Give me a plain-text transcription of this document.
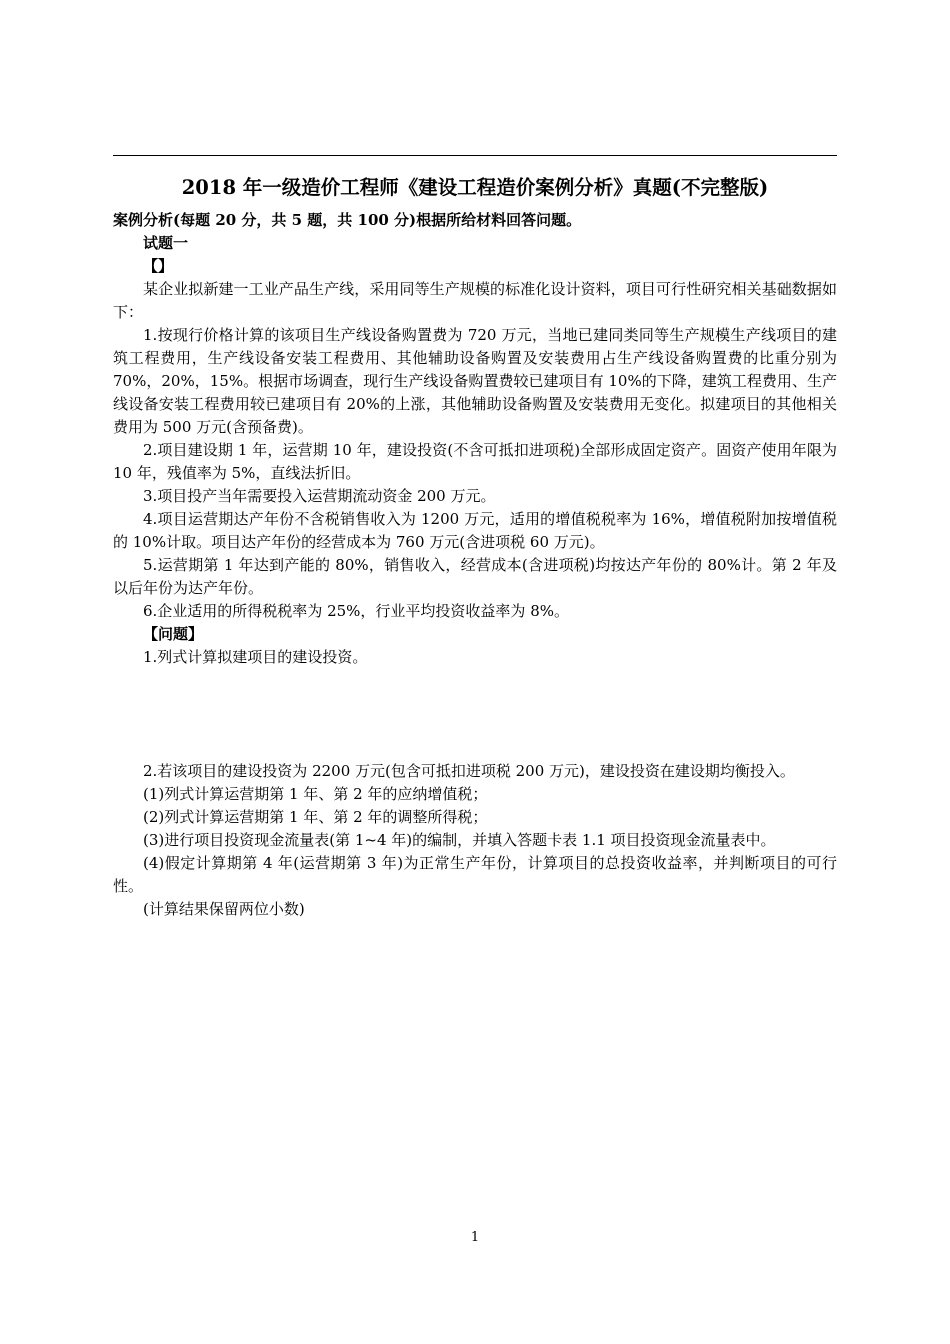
2018 年一级造价工程师《建设工程造价案例分析》真题(不完整版)

案例分析(每题 20 分，共 5 题，共 100 分)根据所给材料回答问题。

试题一

【】

某企业拟新建一工业产品生产线，采用同等生产规模的标准化设计资料，项目可行性研究相关基础数据如下：

1.按现行价格计算的该项目生产线设备购置费为 720 万元，当地已建同类同等生产规模生产线项目的建筑工程费用，生产线设备安装工程费用、其他辅助设备购置及安装费用占生产线设备购置费的比重分别为 70%，20%，15%。根据市场调查，现行生产线设备购置费较已建项目有 10%的下降，建筑工程费用、生产线设备安装工程费用较已建项目有 20%的上涨，其他辅助设备购置及安装费用无变化。拟建项目的其他相关费用为 500 万元(含预备费)。

2.项目建设期 1 年，运营期 10 年，建设投资(不含可抵扣进项税)全部形成固定资产。固资产使用年限为 10 年，残值率为 5%，直线法折旧。

3.项目投产当年需要投入运营期流动资金 200 万元。

4.项目运营期达产年份不含税销售收入为 1200 万元，适用的增值税税率为 16%，增值税附加按增值税的 10%计取。项目达产年份的经营成本为 760 万元(含进项税 60 万元)。

5.运营期第 1 年达到产能的 80%，销售收入，经营成本(含进项税)均按达产年份的 80%计。第 2 年及以后年份为达产年份。

6.企业适用的所得税税率为 25%，行业平均投资收益率为 8%。

【问题】

1.列式计算拟建项目的建设投资。

2.若该项目的建设投资为 2200 万元(包含可抵扣进项税 200 万元)，建设投资在建设期均衡投入。

(1)列式计算运营期第 1 年、第 2 年的应纳增值税；

(2)列式计算运营期第 1 年、第 2 年的调整所得税；

(3)进行项目投资现金流量表(第 1~4 年)的编制，并填入答题卡表 1.1 项目投资现金流量表中。

(4)假定计算期第 4 年(运营期第 3 年)为正常生产年份，计算项目的总投资收益率，并判断项目的可行性。

(计算结果保留两位小数)

1
